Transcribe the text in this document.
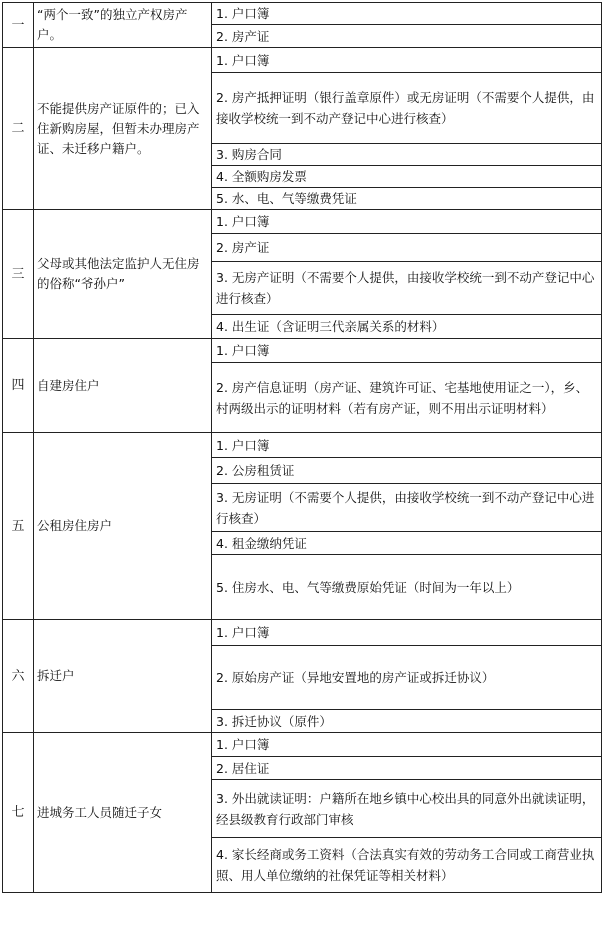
一	“两个一致”的独立产权房产户。	1. 户口簿
		2. 房产证
二	不能提供房产证原件的；已入住新购房屋，但暂未办理房产证、未迁移户籍户。	1. 户口簿
		2. 房产抵押证明（银行盖章原件）或无房证明（不需要个人提供，由接收学校统一到不动产登记中心进行核查）
		3. 购房合同
		4. 全额购房发票
		5. 水、电、气等缴费凭证
三	父母或其他法定监护人无住房的俗称“爷孙户”	1. 户口簿
		2. 房产证
		3. 无房产证明（不需要个人提供，由接收学校统一到不动产登记中心进行核查）
		4. 出生证（含证明三代亲属关系的材料）
四	自建房住户	1. 户口簿
		2. 房产信息证明（房产证、建筑许可证、宅基地使用证之一），乡、村两级出示的证明材料（若有房产证，则不用出示证明材料）
五	公租房住房户	1. 户口簿
		2. 公房租赁证
		3. 无房证明（不需要个人提供，由接收学校统一到不动产登记中心进行核查）
		4. 租金缴纳凭证
		5. 住房水、电、气等缴费原始凭证（时间为一年以上）
六	拆迁户	1. 户口簿
		2. 原始房产证（异地安置地的房产证或拆迁协议）
		3. 拆迁协议（原件）
七	进城务工人员随迁子女	1. 户口簿
		2. 居住证
		3. 外出就读证明：户籍所在地乡镇中心校出具的同意外出就读证明，经县级教育行政部门审核
		4. 家长经商或务工资料（合法真实有效的劳动务工合同或工商营业执照、用人单位缴纳的社保凭证等相关材料）
